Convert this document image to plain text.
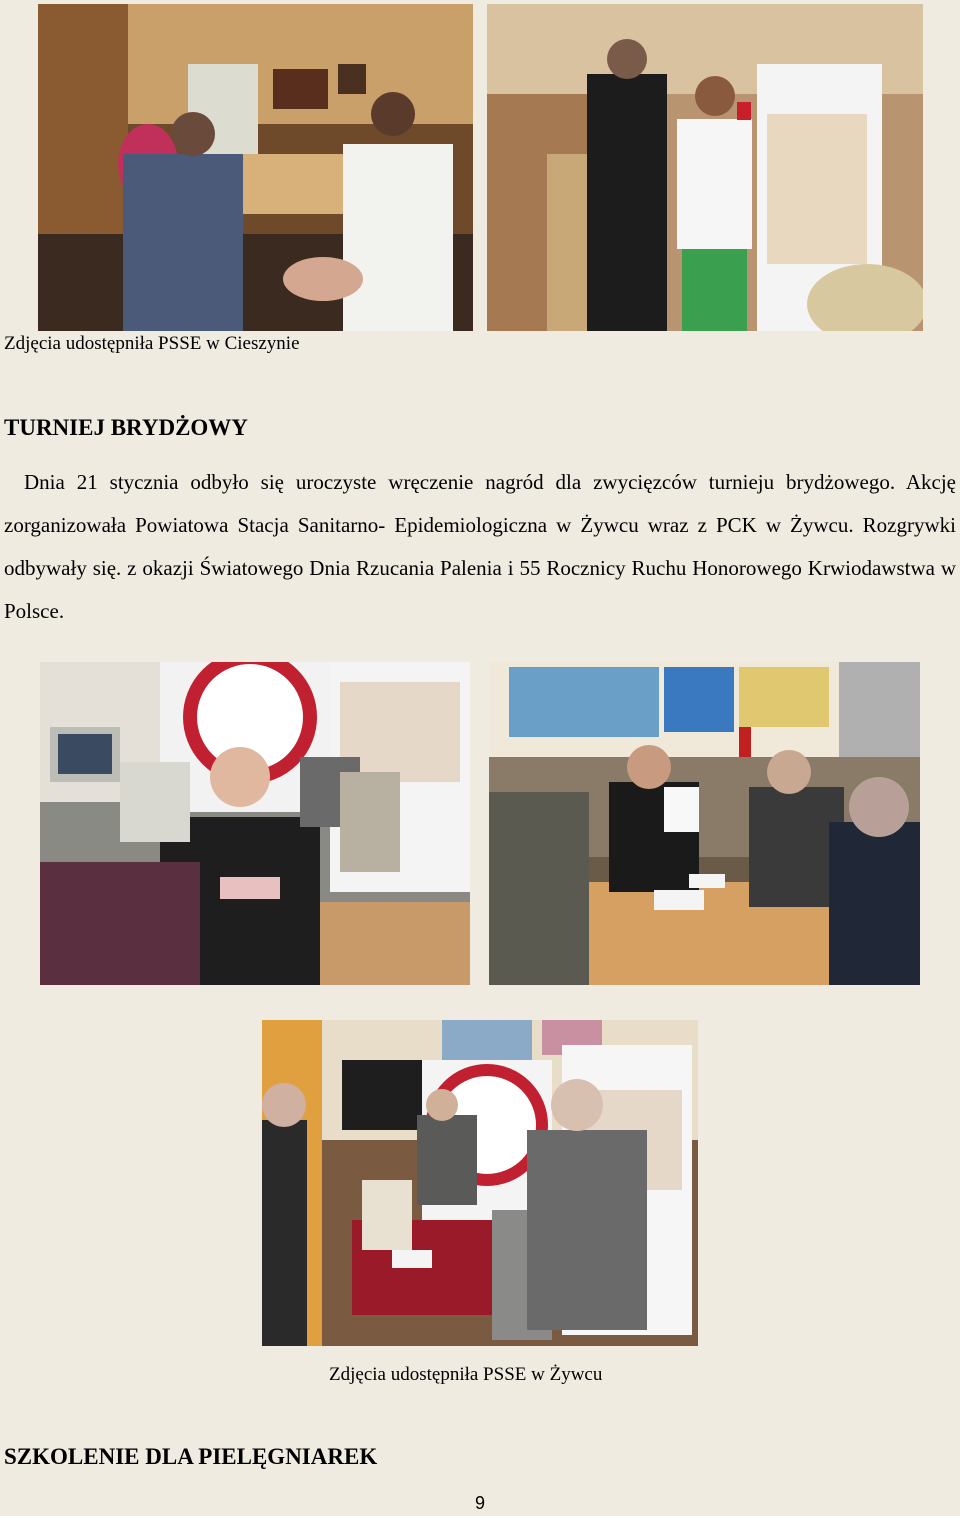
Zdjęcia udostępniła PSSE w Cieszynie
TURNIEJ BRYDŻOWY

Dnia 21 stycznia odbyło się uroczyste wręczenie nagród dla zwycięzców turnieju brydżowego. Akcję zorganizowała Powiatowa Stacja Sanitarno- Epidemiologiczna w Żywcu wraz z PCK w Żywcu. Rozgrywki odbywały się. z okazji Światowego Dnia Rzucania Palenia i 55 Rocznicy Ruchu Honorowego Krwiodawstwa w Polsce.

Zdjęcia udostępniła PSSE w Żywcu
SZKOLENIE DLA PIELĘGNIAREK
9
